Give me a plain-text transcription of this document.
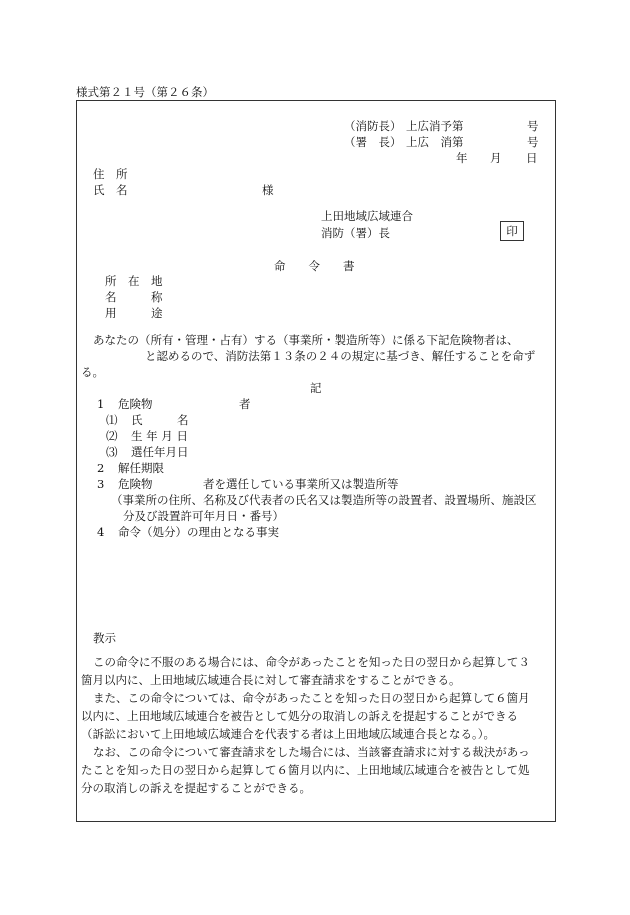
様式第２１号（第２６条）
（消防長） 上広消予第	号
（署　長） 上広　消第	号
年 月 日
住　所
氏　名	様
上田地域広域連合
消防（署）長	印
命　　令　　書
所　在　地
名　　　称
用　　　途
あなたの（所有・管理・占有）する（事業所・製造所等）に係る下記危険物者は、
と認めるので、消防法第１３条の２４の規定に基づき、解任することを命ず
る。
記
1 危険物	者
⑴ 氏　　　名
⑵ 生 年 月 日
⑶ 選任年月日
2 解任期限
3 危険物	者を選任している事業所又は製造所等
（事業所の住所、名称及び代表者の氏名又は製造所等の設置者、設置場所、施設区
分及び設置許可年月日・番号）
4 命令（処分）の理由となる事実
教示
この命令に不服のある場合には、命令があったことを知った日の翌日から起算して３
箇月以内に、上田地域広域連合長に対して審査請求をすることができる。
また、この命令については、命令があったことを知った日の翌日から起算して６箇月
以内に、上田地域広域連合を被告として処分の取消しの訴えを提起することができる
（訴訟において上田地域広域連合を代表する者は上田地域広域連合長となる。）。
なお、この命令について審査請求をした場合には、当該審査請求に対する裁決があっ
たことを知った日の翌日から起算して６箇月以内に、上田地域広域連合を被告として処
分の取消しの訴えを提起することができる。
